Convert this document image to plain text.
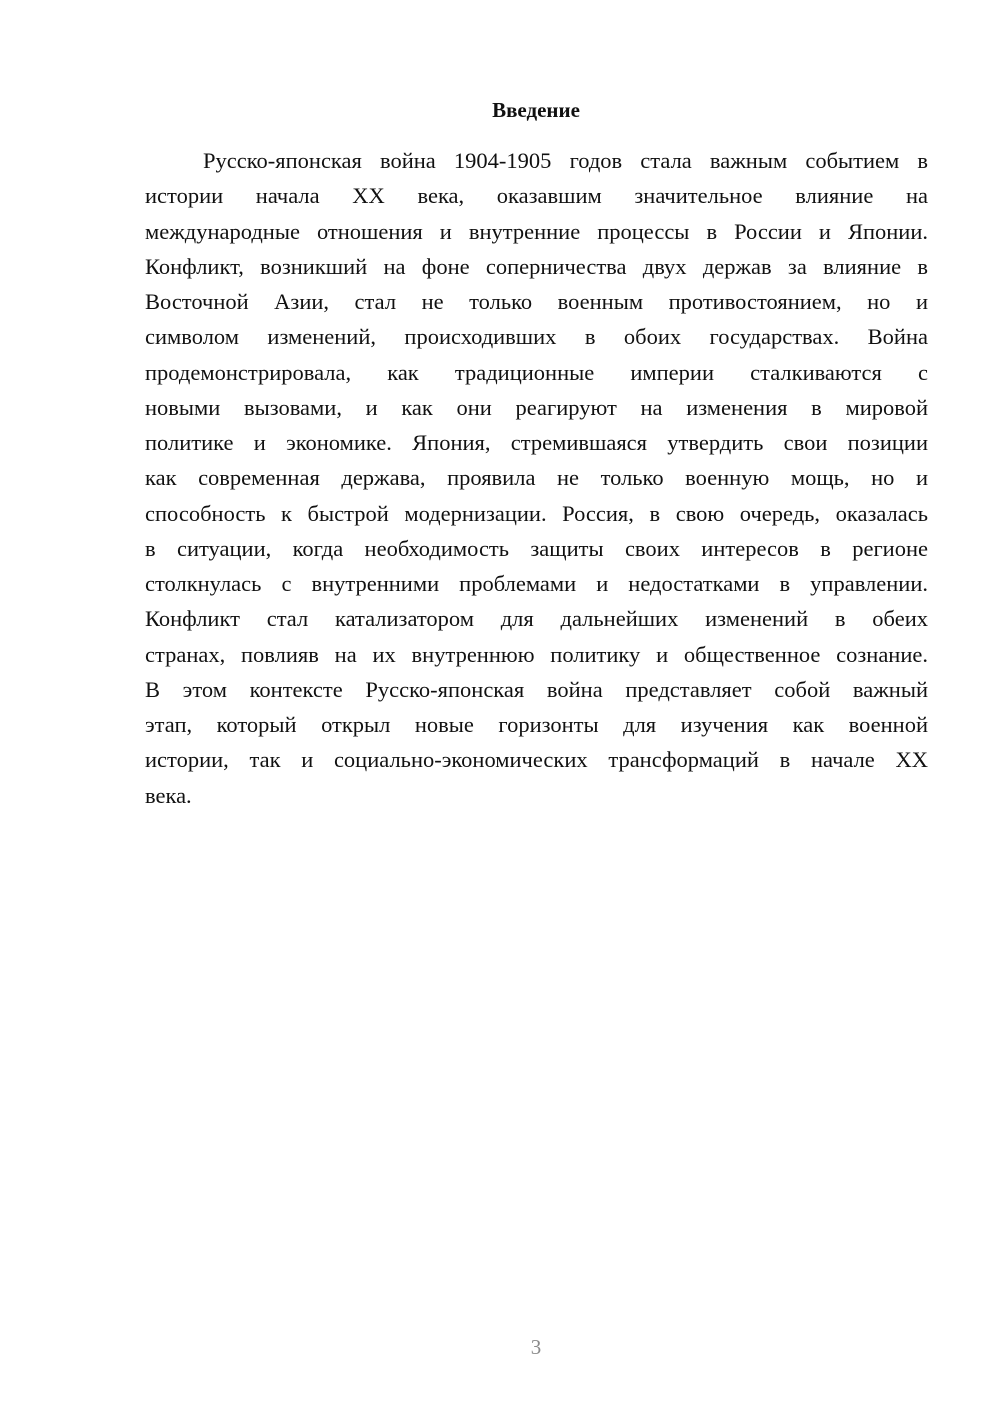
Введение
Русско-японская война 1904-1905 годов стала важным событием в
истории начала XX века, оказавшим значительное влияние на
международные отношения и внутренние процессы в России и Японии.
Конфликт, возникший на фоне соперничества двух держав за влияние в
Восточной Азии, стал не только военным противостоянием, но и
символом изменений, происходивших в обоих государствах. Война
продемонстрировала, как традиционные империи сталкиваются с
новыми вызовами, и как они реагируют на изменения в мировой
политике и экономике. Япония, стремившаяся утвердить свои позиции
как современная держава, проявила не только военную мощь, но и
способность к быстрой модернизации. Россия, в свою очередь, оказалась
в ситуации, когда необходимость защиты своих интересов в регионе
столкнулась с внутренними проблемами и недостатками в управлении.
Конфликт стал катализатором для дальнейших изменений в обеих
странах, повлияв на их внутреннюю политику и общественное сознание.
В этом контексте Русско-японская война представляет собой важный
этап, который открыл новые горизонты для изучения как военной
истории, так и социально-экономических трансформаций в начале XX
века.
3
